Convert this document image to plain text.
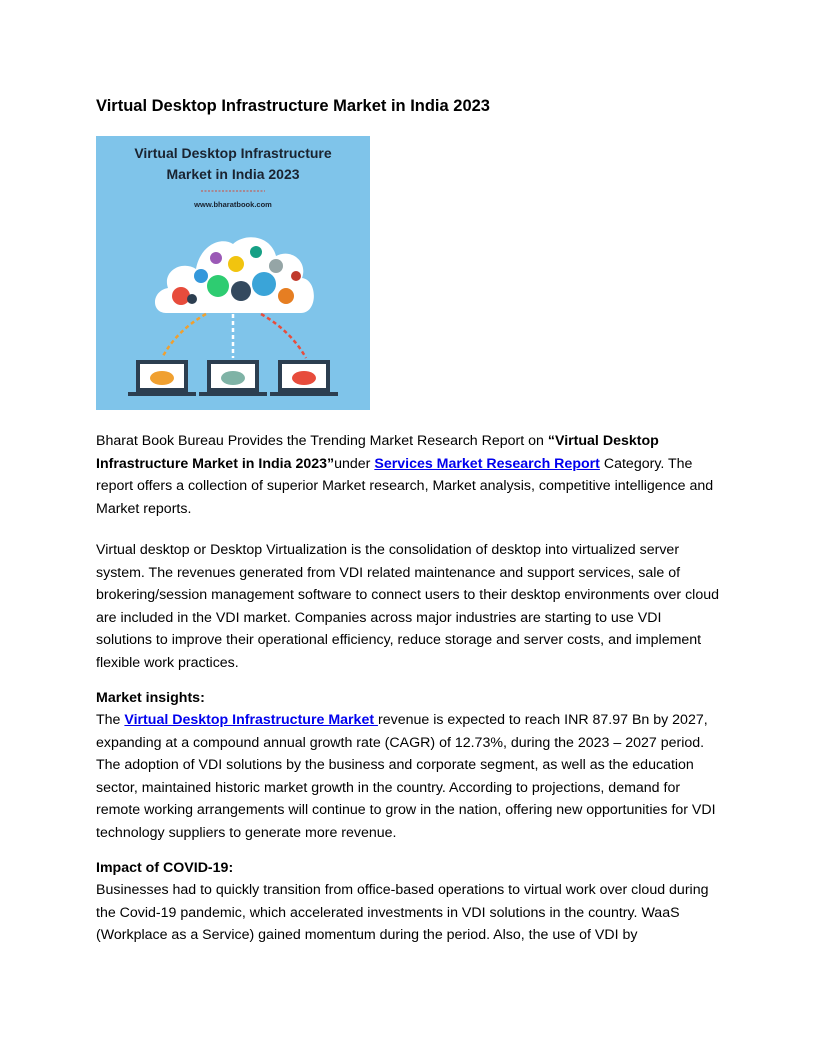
Virtual Desktop Infrastructure Market in India 2023
Virtual Desktop Infrastructure
Market in India 2023
www.bharatbook.com

Bharat Book Bureau Provides the Trending Market Research Report on “Virtual Desktop Infrastructure Market in India 2023”under Services Market Research Report Category. The report offers a collection of superior Market research, Market analysis, competitive intelligence and Market reports.

Virtual desktop or Desktop Virtualization is the consolidation of desktop into virtualized server system. The revenues generated from VDI related maintenance and support services, sale of brokering/session management software to connect users to their desktop environments over cloud are included in the VDI market. Companies across major industries are starting to use VDI solutions to improve their operational efficiency, reduce storage and server costs, and implement flexible work practices.

Market insights:

The Virtual Desktop Infrastructure Market revenue is expected to reach INR 87.97 Bn by 2027, expanding at a compound annual growth rate (CAGR) of 12.73%, during the 2023 – 2027 period. The adoption of VDI solutions by the business and corporate segment, as well as the education sector, maintained historic market growth in the country. According to projections, demand for remote working arrangements will continue to grow in the nation, offering new opportunities for VDI technology suppliers to generate more revenue.

Impact of COVID-19:

Businesses had to quickly transition from office-based operations to virtual work over cloud during the Covid-19 pandemic, which accelerated investments in VDI solutions in the country. WaaS (Workplace as a Service) gained momentum during the period. Also, the use of VDI by
